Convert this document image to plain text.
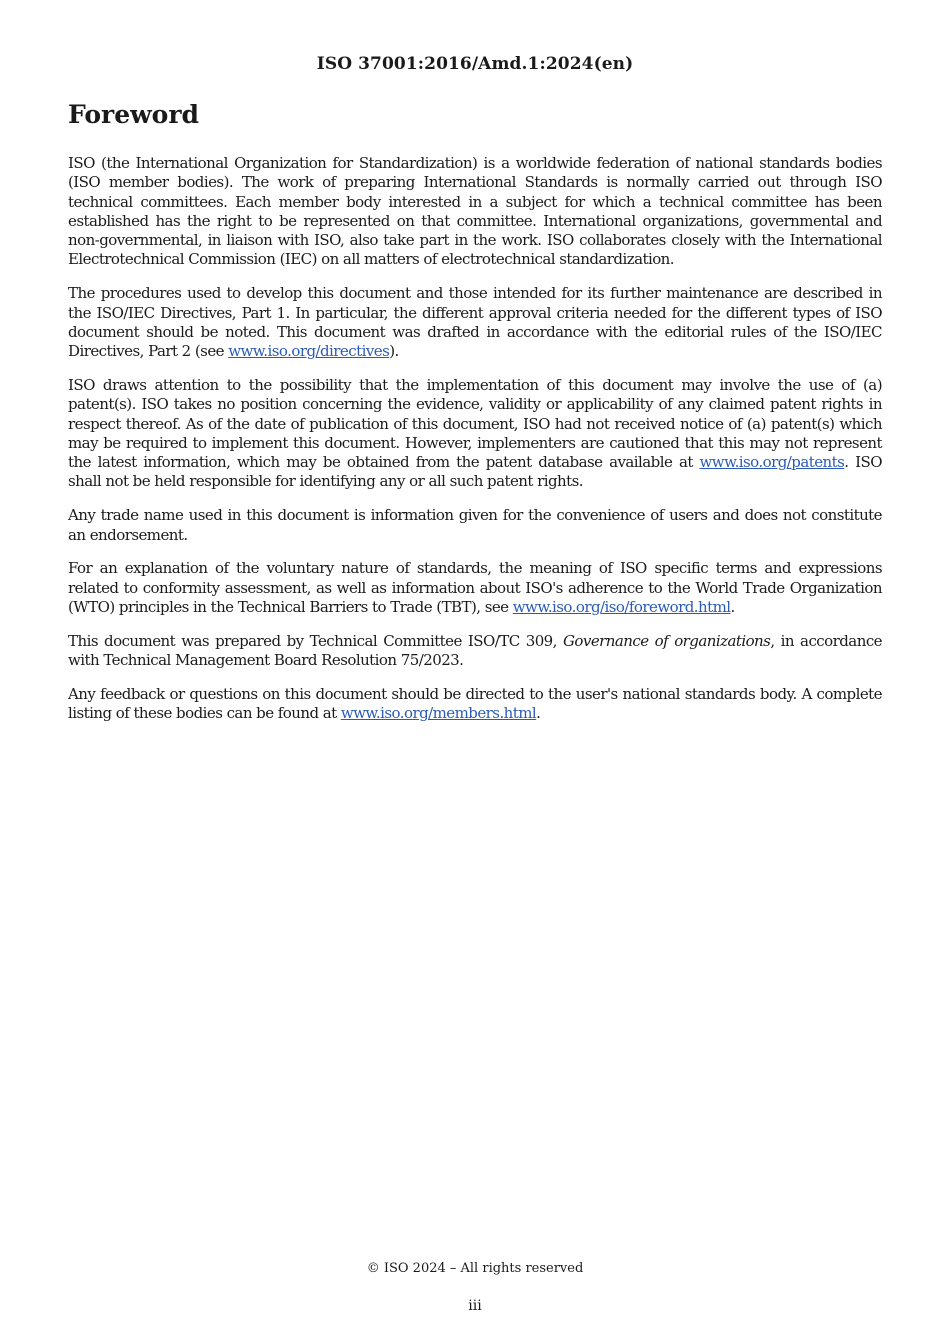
ISO 37001:2016/Amd.1:2024(en)
Foreword

ISO (the International Organization for Standardization) is a worldwide federation of national standards bodies (ISO member bodies). The work of preparing International Standards is normally carried out through ISO technical committees. Each member body interested in a subject for which a technical committee has been established has the right to be represented on that committee. International organizations, governmental and non-governmental, in liaison with ISO, also take part in the work. ISO collaborates closely with the International Electrotechnical Commission (IEC) on all matters of electrotechnical standardization.

The procedures used to develop this document and those intended for its further maintenance are described in the ISO/IEC Directives, Part 1. In particular, the different approval criteria needed for the different types of ISO document should be noted. This document was drafted in accordance with the editorial rules of the ISO/IEC Directives, Part 2 (see www.iso.org/directives).

ISO draws attention to the possibility that the implementation of this document may involve the use of (a) patent(s). ISO takes no position concerning the evidence, validity or applicability of any claimed patent rights in respect thereof. As of the date of publication of this document, ISO had not received notice of (a) patent(s) which may be required to implement this document. However, implementers are cautioned that this may not represent the latest information, which may be obtained from the patent database available at www.iso.org/patents. ISO shall not be held responsible for identifying any or all such patent rights.

Any trade name used in this document is information given for the convenience of users and does not constitute an endorsement.

For an explanation of the voluntary nature of standards, the meaning of ISO specific terms and expressions related to conformity assessment, as well as information about ISO's adherence to the World Trade Organization (WTO) principles in the Technical Barriers to Trade (TBT), see www.iso.org/iso/foreword.html.

This document was prepared by Technical Committee ISO/TC 309, Governance of organizations, in accordance with Technical Management Board Resolution 75/2023.

Any feedback or questions on this document should be directed to the user's national standards body. A complete listing of these bodies can be found at www.iso.org/members.html.

© ISO 2024 – All rights reserved
iii
